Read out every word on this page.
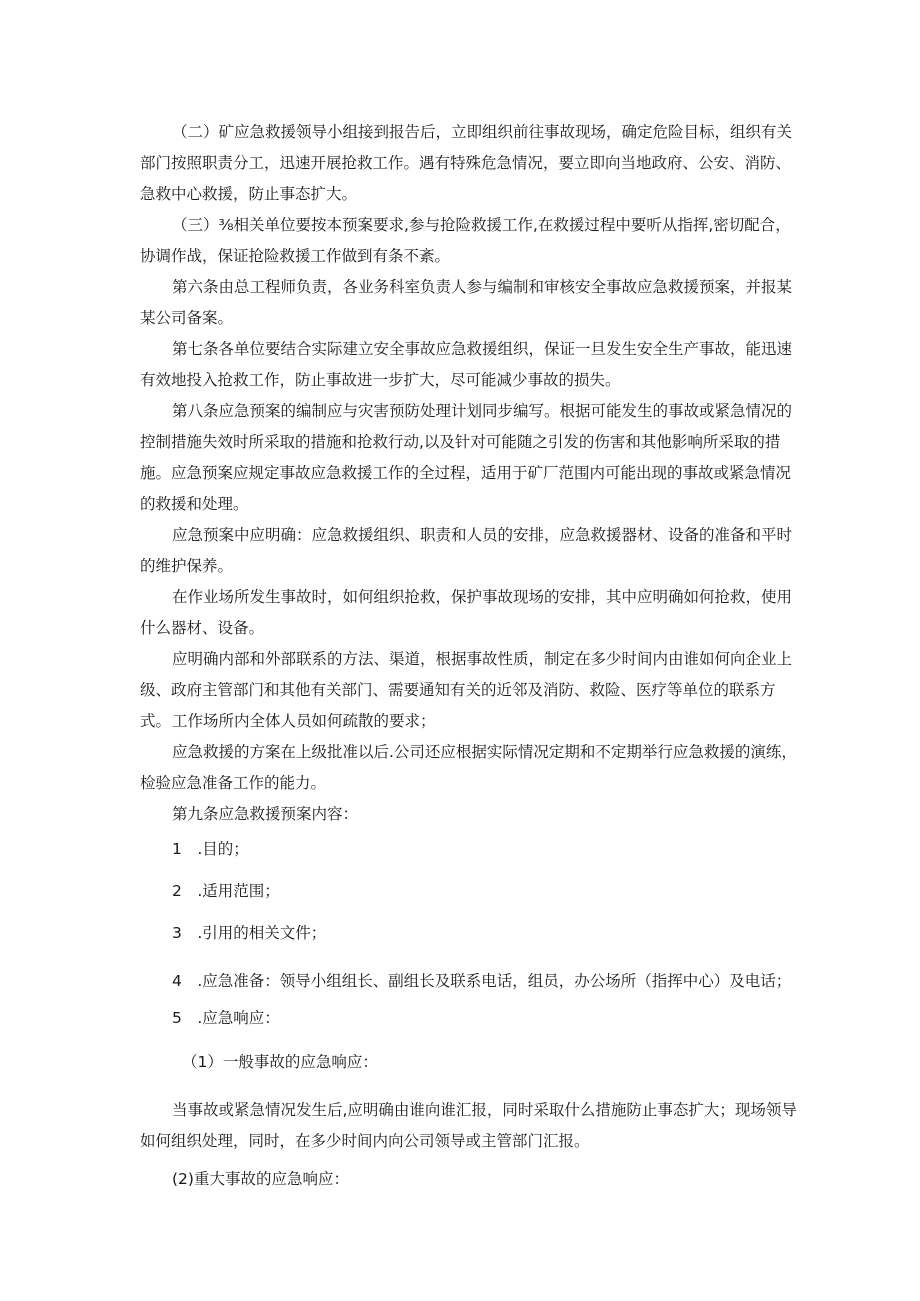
（二）矿应急救援领导小组接到报告后，立即组织前往事故现场，确定危险目标，组织有关部门按照职责分工，迅速开展抢救工作。遇有特殊危急情况，要立即向当地政府、公安、消防、急救中心救援，防止事态扩大。

（三）⅜相关单位要按本预案要求,参与抢险救援工作,在救援过程中要听从指挥,密切配合，协调作战，保证抢险救援工作做到有条不紊。

第六条由总工程师负责，各业务科室负责人参与编制和审核安全事故应急救援预案，并报某某公司备案。

第七条各单位要结合实际建立安全事故应急救援组织，保证一旦发生安全生产事故，能迅速有效地投入抢救工作，防止事故进一步扩大，尽可能减少事故的损失。

第八条应急预案的编制应与灾害预防处理计划同步编写。根据可能发生的事故或紧急情况的控制措施失效时所采取的措施和抢救行动,以及针对可能随之引发的伤害和其他影响所采取的措施。应急预案应规定事故应急救援工作的全过程，适用于矿厂范围内可能出现的事故或紧急情况的救援和处理。

应急预案中应明确：应急救援组织、职责和人员的安排，应急救援器材、设备的准备和平时的维护保养。

在作业场所发生事故时，如何组织抢救，保护事故现场的安排，其中应明确如何抢救，使用什么器材、设备。

应明确内部和外部联系的方法、渠道，根据事故性质，制定在多少时间内由谁如何向企业上级、政府主管部门和其他有关部门、需要通知有关的近邻及消防、救险、医疗等单位的联系方式。 工作场所内全体人员如何疏散的要求；

应急救援的方案在上级批准以后.公司还应根据实际情况定期和不定期举行应急救援的演练，检验应急准备工作的能力。

第九条应急救援预案内容：

1 .目的；

2 .适用范围；

3 .引用的相关文件；

4 .应急准备：领导小组组长、副组长及联系电话，组员，办公场所（指挥中心）及电话；

5 .应急响应：

（1）一般事故的应急响应：

当事故或紧急情况发生后,应明确由谁向谁汇报，同时采取什么措施防止事态扩大；现场领导如何组织处理，同时，在多少时间内向公司领导或主管部门汇报。

(2)重大事故的应急响应：
